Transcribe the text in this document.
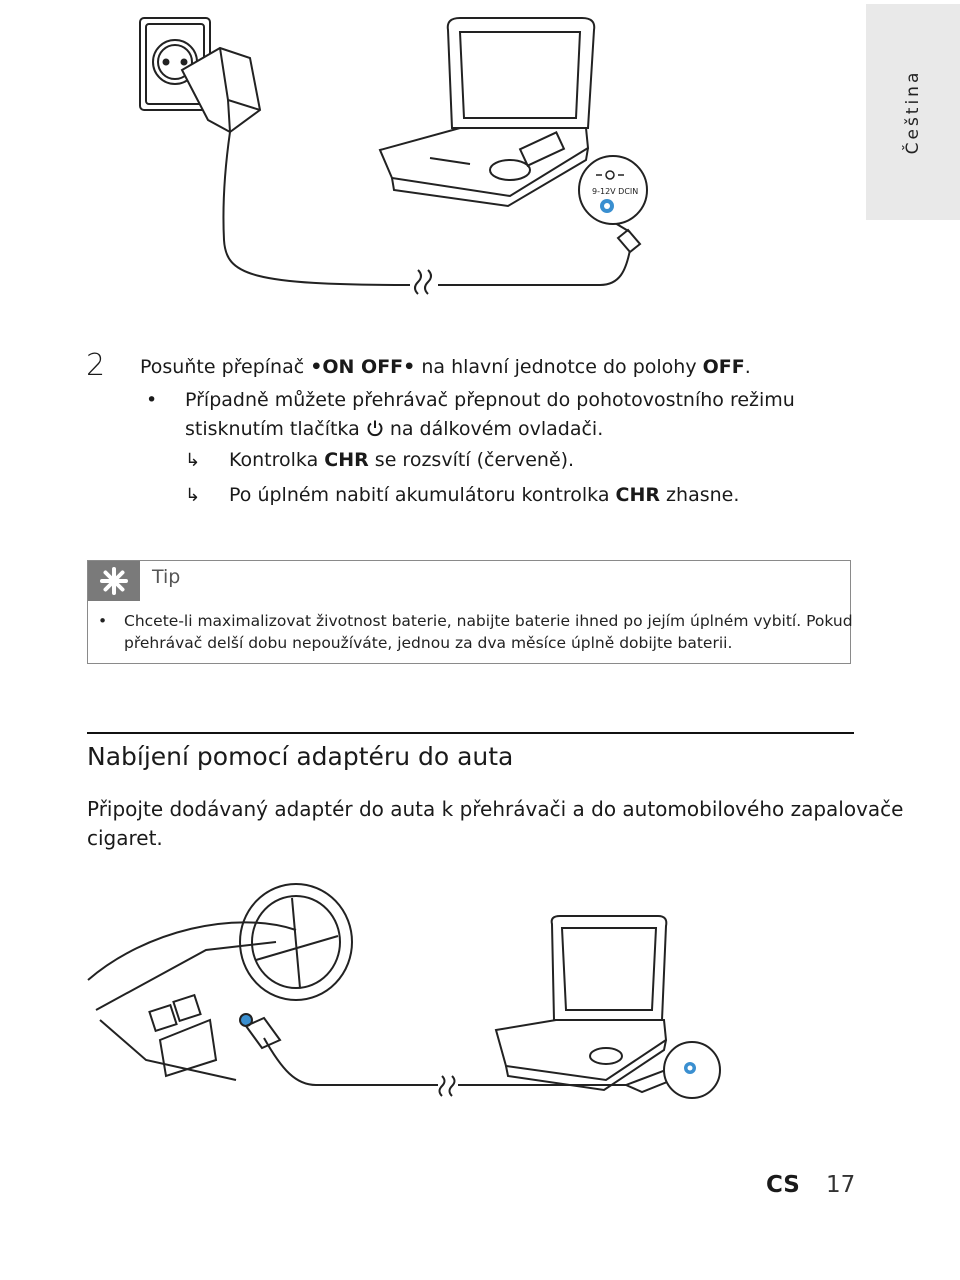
Čeština
9-12V DCIN
2 Posuňte přepínač •ON OFF• na hlavní jednotce do polohy OFF.
• Případně můžete přehrávač přepnout do pohotovostního režimu
stisknutím tlačítka  na dálkovém ovladači.
↳ Kontrolka CHR se rozsvítí (červeně).
↳ Po úplném nabití akumulátoru kontrolka CHR zhasne.
Tip
• Chcete-li maximalizovat životnost baterie, nabijte baterie ihned po jejím úplném vybití. Pokud
přehrávač delší dobu nepoužíváte, jednou za dva měsíce úplně dobijte baterii.
Nabíjení pomocí adaptéru do auta
Připojte dodávaný adaptér do auta k přehrávači a do automobilového zapalovače
cigaret.
CS 17
